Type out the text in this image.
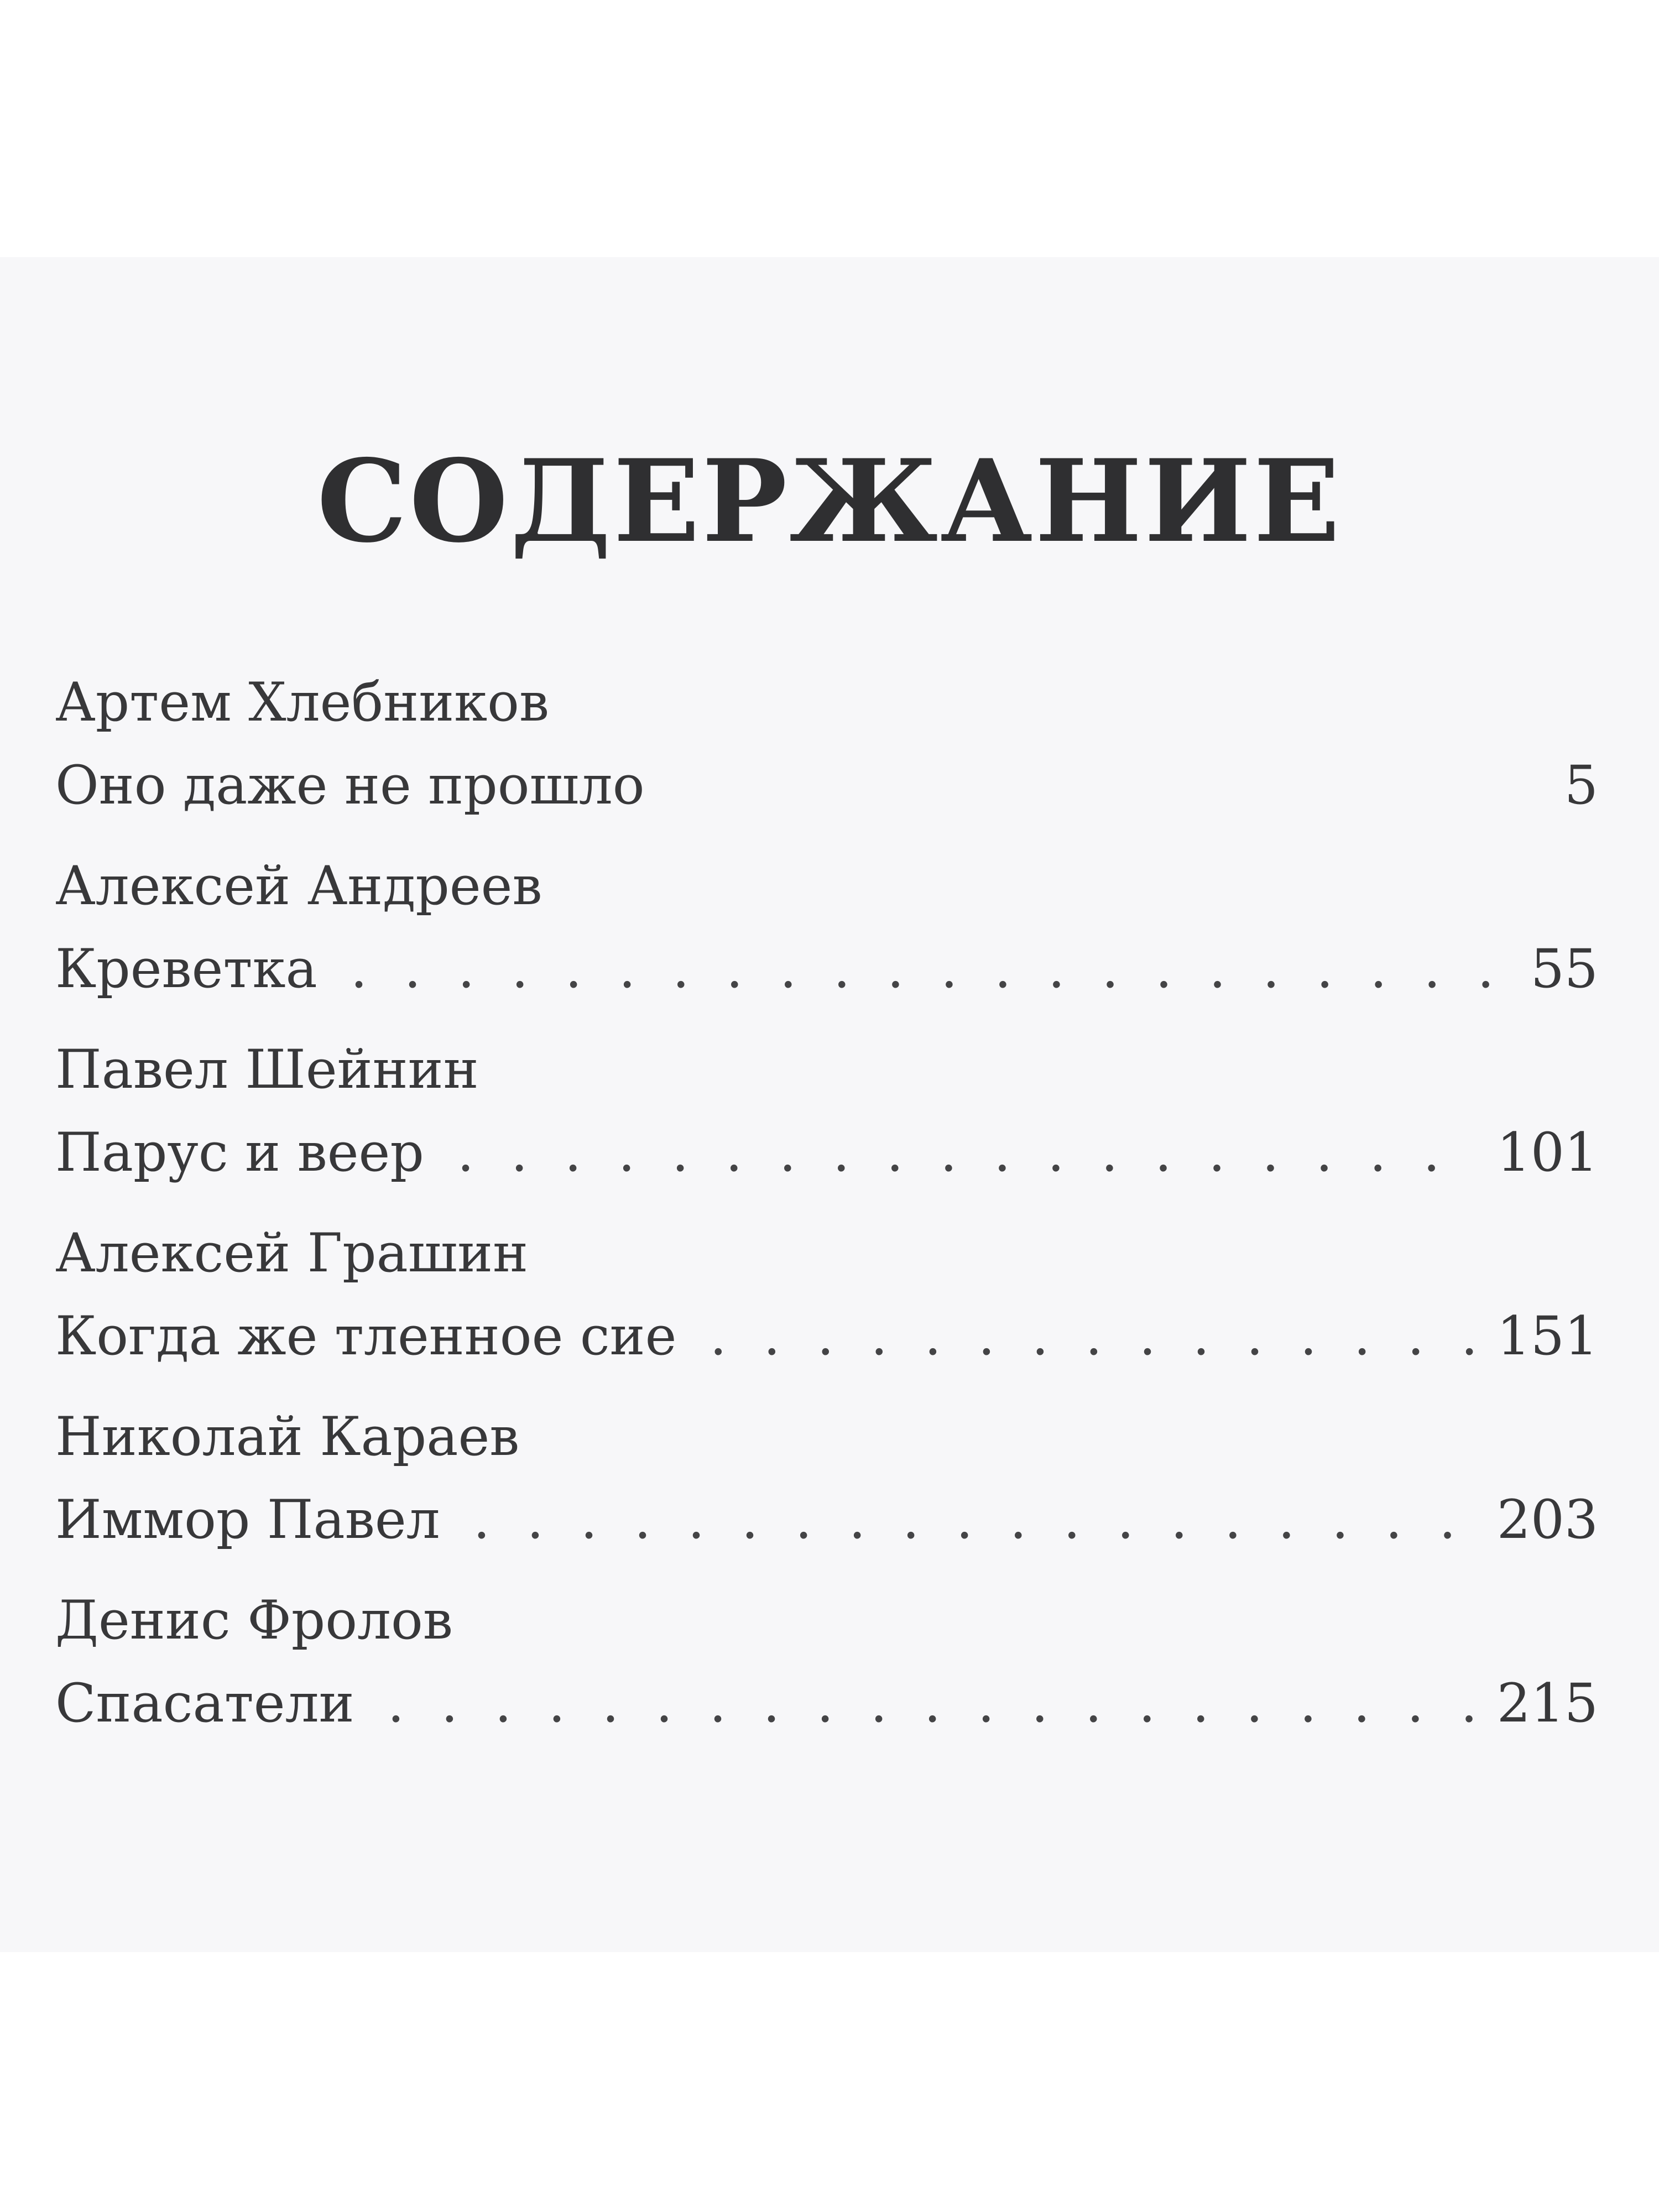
СОДЕРЖАНИЕ
Артем Хлебников
Оно даже не прошло	5
Алексей Андреев
Креветка . . .	55
Павел Шейнин
Парус и веер . . .	101
Алексей Грашин
Когда же тленное сие . . .	151
Николай Караев
Иммор Павел . . .	203
Денис Фролов
Спасатели . . .	215
